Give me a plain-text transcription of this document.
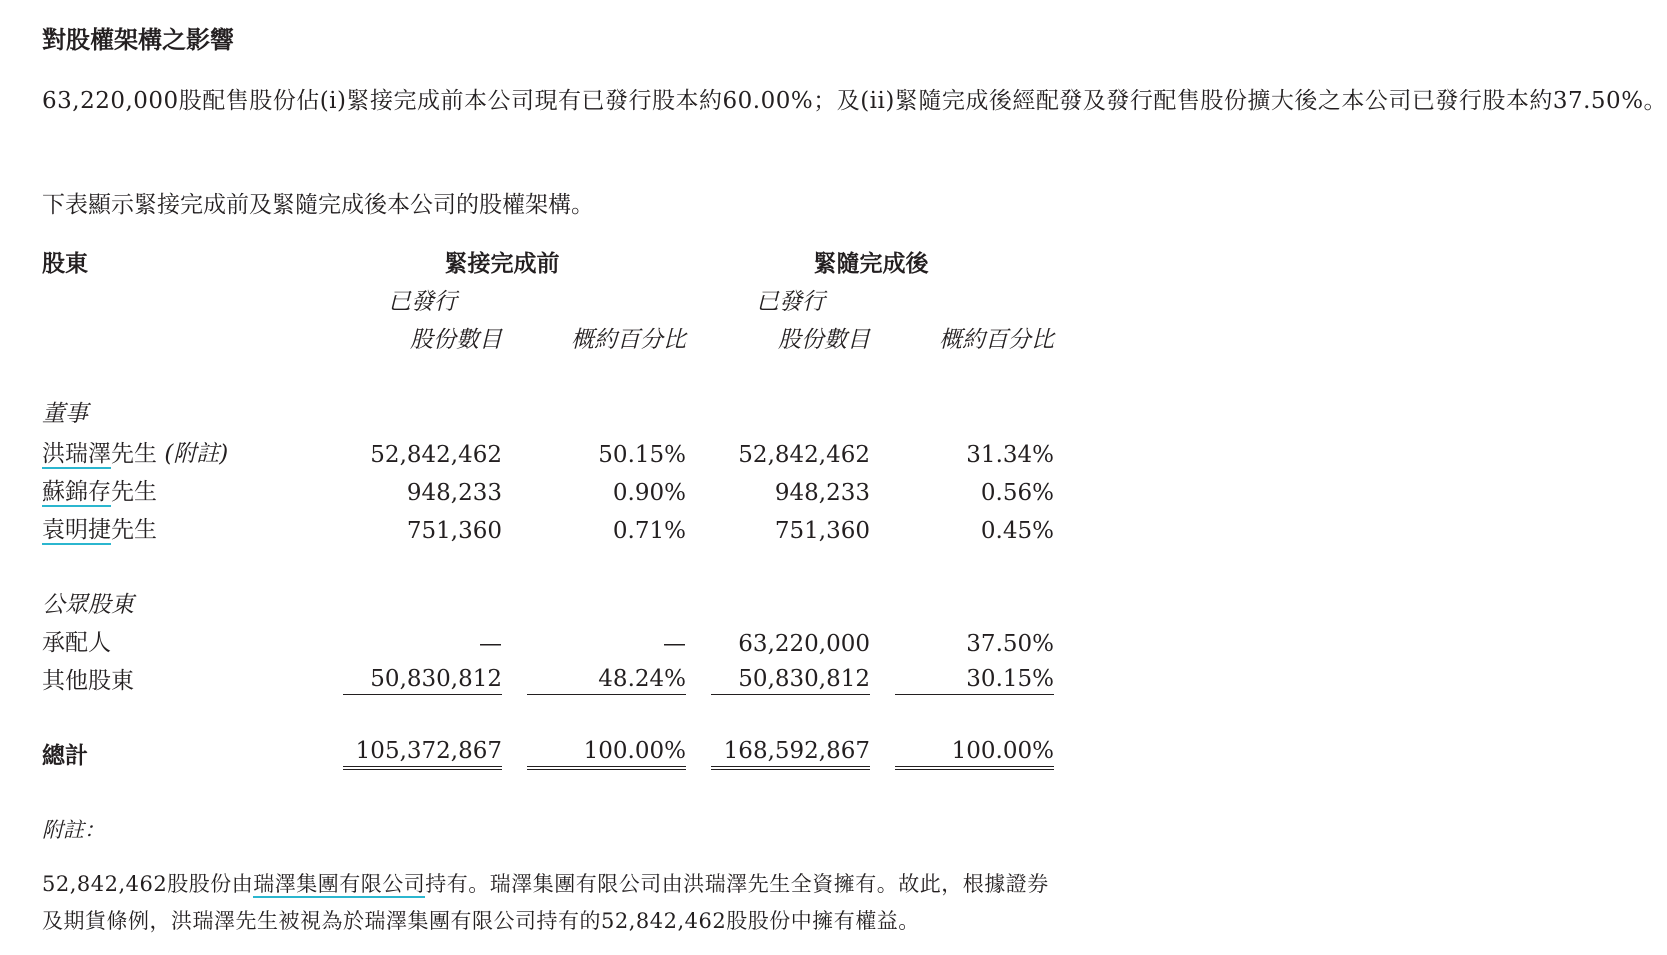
對股權架構之影響
63,220,000股配售股份佔(i)緊接完成前本公司現有已發行股本約60.00%；及(ii)緊隨完成後經配發及發行配售股份擴大後之本公司已發行股本約37.50%。
下表顯示緊接完成前及緊隨完成後本公司的股權架構。
股東	緊接完成前	緊隨完成後
已發行	已發行
股份數目	概約百分比	股份數目	概約百分比
董事
洪瑞澤先生 (附註)	52,842,462	50.15%	52,842,462	31.34%
蘇錦存先生	948,233	0.90%	948,233	0.56%
袁明捷先生	751,360	0.71%	751,360	0.45%
公眾股東
承配人	—	—	63,220,000	37.50%
其他股東	50,830,812	48.24%	50,830,812	30.15%
總計	105,372,867	100.00%	168,592,867	100.00%
附註：
52,842,462股股份由瑞澤集團有限公司持有。瑞澤集團有限公司由洪瑞澤先生全資擁有。故此，根據證券及期貨條例，洪瑞澤先生被視為於瑞澤集團有限公司持有的52,842,462股股份中擁有權益。
